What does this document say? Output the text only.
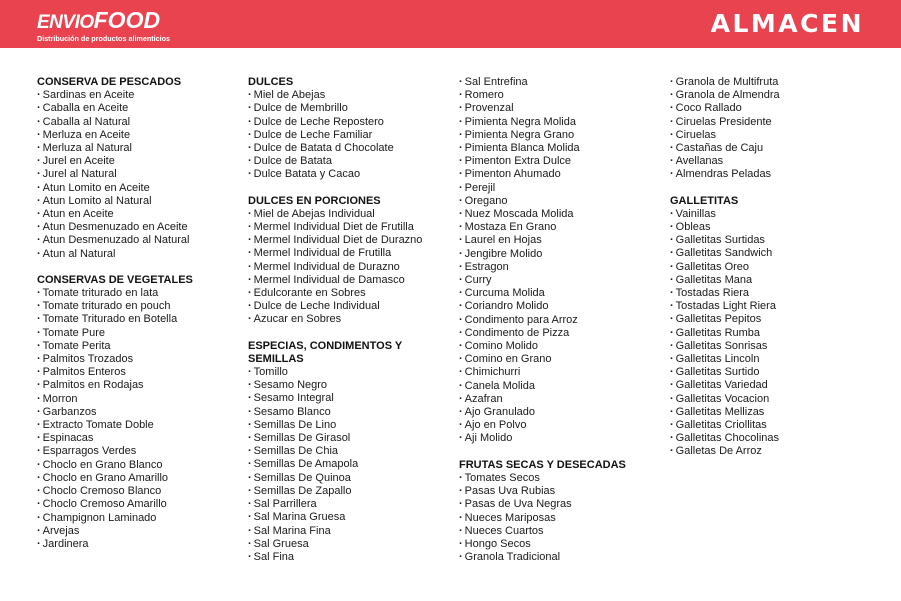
ENVIOFOOD
Distribución de productos alimenticios
ALMACEN
CONSERVA DE PESCADOS
· Sardinas en Aceite
· Caballa en Aceite
· Caballa al Natural
· Merluza en Aceite
· Merluza al Natural
· Jurel en Aceite
· Jurel al Natural
· Atun Lomito en Aceite
· Atun Lomito al Natural
· Atun en Aceite
· Atun Desmenuzado en Aceite
· Atun Desmenuzado al Natural
· Atun al Natural
CONSERVAS DE VEGETALES
· Tomate triturado en lata
· Tomate triturado en pouch
· Tomate Triturado en Botella
· Tomate Pure
· Tomate Perita
· Palmitos Trozados
· Palmitos Enteros
· Palmitos en Rodajas
· Morron
· Garbanzos
· Extracto Tomate Doble
· Espinacas
· Esparragos Verdes
· Choclo en Grano Blanco
· Choclo en Grano Amarillo
· Choclo Cremoso Blanco
· Choclo Cremoso Amarillo
· Champignon Laminado
· Arvejas
· Jardinera
DULCES
· Miel de Abejas
· Dulce de Membrillo
· Dulce de Leche Repostero
· Dulce de Leche Familiar
· Dulce de Batata d Chocolate
· Dulce de Batata
· Dulce Batata y Cacao
DULCES EN PORCIONES
· Miel de Abejas Individual
· Mermel Individual Diet de Frutilla
· Mermel Individual Diet de Durazno
· Mermel Individual de Frutilla
· Mermel Individual de Durazno
· Mermel Individual de Damasco
· Edulcorante en Sobres
· Dulce de Leche Individual
· Azucar en Sobres
ESPECIAS, CONDIMENTOS Y SEMILLAS
· Tomillo
· Sesamo Negro
· Sesamo Integral
· Sesamo Blanco
· Semillas De Lino
· Semillas De Girasol
· Semillas De Chia
· Semillas De Amapola
· Semillas De Quinoa
· Semillas De Zapallo
· Sal Parrillera
· Sal Marina Gruesa
· Sal Marina Fina
· Sal Gruesa
· Sal Fina
· Sal Entrefina
· Romero
· Provenzal
· Pimienta Negra Molida
· Pimienta Negra Grano
· Pimienta Blanca Molida
· Pimenton Extra Dulce
· Pimenton Ahumado
· Perejil
· Oregano
· Nuez Moscada Molida
· Mostaza En Grano
· Laurel en Hojas
· Jengibre Molido
· Estragon
· Curry
· Curcuma Molida
· Coriandro Molido
· Condimento para Arroz
· Condimento de Pizza
· Comino Molido
· Comino en Grano
· Chimichurri
· Canela Molida
· Azafran
· Ajo Granulado
· Ajo en Polvo
· Aji Molido
FRUTAS SECAS Y DESECADAS
· Tomates Secos
· Pasas Uva Rubias
· Pasas de Uva Negras
· Nueces Mariposas
· Nueces Cuartos
· Hongo Secos
· Granola Tradicional
· Granola de Multifruta
· Granola de Almendra
· Coco Rallado
· Ciruelas Presidente
· Ciruelas
· Castañas de Caju
· Avellanas
· Almendras Peladas
GALLETITAS
· Vainillas
· Obleas
· Galletitas Surtidas
· Galletitas Sandwich
· Galletitas Oreo
· Galletitas Mana
· Tostadas Riera
· Tostadas Light Riera
· Galletitas Pepitos
· Galletitas Rumba
· Galletitas Sonrisas
· Galletitas Lincoln
· Galletitas Surtido
· Galletitas Variedad
· Galletitas Vocacion
· Galletitas Mellizas
· Galletitas Criollitas
· Galletitas Chocolinas
· Galletas De Arroz
